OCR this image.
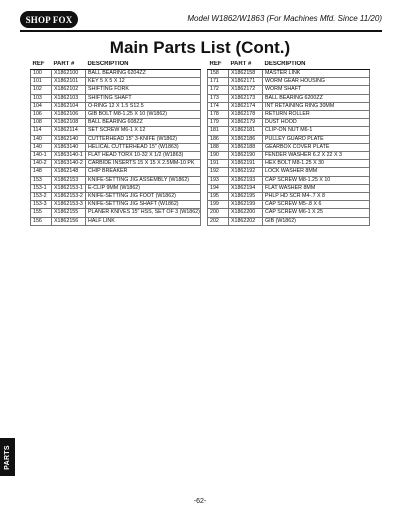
SHOP FOX	Model W1862/W1863 (For Machines Mfd. Since 11/20)
Main Parts List (Cont.)
REF	PART #	DESCRIPTION
100	X1862100	BALL BEARING 6204ZZ
101	X1862101	KEY 5 X 5 X 12
102	X1862102	SHIFTING FORK
103	X1862103	SHIFTING SHAFT
104	X1862104	O-RING 12 X 1.5 S12.5
106	X1862106	GIB BOLT M8-1.25 X 10 (W1862)
108	X1862108	BALL BEARING 608ZZ
114	X1862114	SET SCREW M6-1 X 12
140	X1862140	CUTTERHEAD 15" 3-KNIFE (W1862)
140	X1863140	HELICAL CUTTERHEAD 15" (W1863)
140-1	X1863140-1	FLAT HEAD TORX 10-32 X 1/2 (W1863)
140-2	X1863140-2	CARBIDE INSERTS 15 X 15 X 2.5MM-10 PK
148	X1862148	CHIP BREAKER
153	X1862153	KNIFE-SETTING JIG ASSEMBLY (W1862)
153-1	X1862153-1	E-CLIP 9MM (W1862)
153-2	X1862153-2	KNIFE-SETTING JIG FOOT (W1862)
153-3	X1862153-3	KNIFE-SETTING JIG SHAFT (W1862)
155	X1862155	PLANER KNIVES 15" HSS, SET OF 3 (W1862)
156	X1862156	HALF LINK
REF	PART #	DESCRIPTION
158	X1862158	MASTER LINK
171	X1862171	WORM GEAR HOUSING
172	X1862172	WORM SHAFT
173	X1862173	BALL BEARING 6200ZZ
174	X1862174	INT RETAINING RING 30MM
178	X1862178	RETURN ROLLER
179	X1862179	DUST HOOD
181	X1862181	CLIP-ON NUT M6-1
186	X1862186	PULLEY GUARD PLATE
188	X1862188	GEARBOX COVER PLATE
190	X1862190	FENDER WASHER 6.2 X 22 X 3
191	X1862191	HEX BOLT M8-1.25 X 30
192	X1862192	LOCK WASHER 8MM
193	X1862193	CAP SCREW M8-1.25 X 10
194	X1862194	FLAT WASHER 8MM
195	X1862195	PHLP HD SCR M4-.7 X 8
199	X1862199	CAP SCREW M5-.8 X 6
200	X1862200	CAP SCREW M6-1 X 25
202	X1862202	GIB (W1862)
PARTS
-62-
